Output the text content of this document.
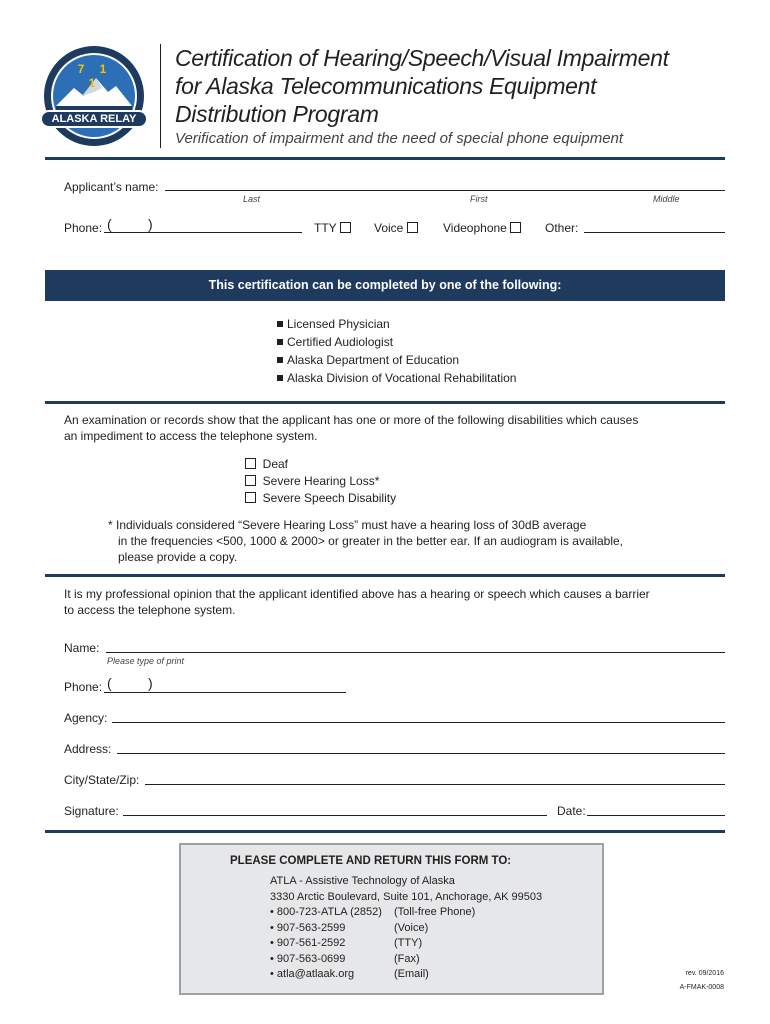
7 1 1
ALASKA RELAY
Certification of Hearing/Speech/Visual Impairment
for Alaska Telecommunications Equipment
Distribution Program
Verification of impairment and the need of special phone equipment
Applicant’s name:
Last	First	Middle
Phone: (	)	TTY	Voice	Videophone	Other:
This certification can be completed by one of the following:
Licensed Physician
Certified Audiologist
Alaska Department of Education
Alaska Division of Vocational Rehabilitation
An examination or records show that the applicant has one or more of the following disabilities which causes
an impediment to access the telephone system.
Deaf
Severe Hearing Loss*
Severe Speech Disability
* Individuals considered “Severe Hearing Loss” must have a hearing loss of 30dB average
in the frequencies <500, 1000 & 2000> or greater in the better ear. If an audiogram is available,
please provide a copy.
It is my professional opinion that the applicant identified above has a hearing or speech which causes a barrier
to access the telephone system.
Name:
Please type of print
Phone: (	)
Agency:
Address:
City/State/Zip:
Signature:	Date:
PLEASE COMPLETE AND RETURN THIS FORM TO:
ATLA - Assistive Technology of Alaska
3330 Arctic Boulevard, Suite 101, Anchorage, AK 99503
• 800-723-ATLA (2852) (Toll-free Phone)
• 907-563-2599	(Voice)
• 907-561-2592	(TTY)
• 907-563-0699	(Fax)
• atla@atlaak.org	(Email)	rev. 09/2016
A-FMAK-0008
